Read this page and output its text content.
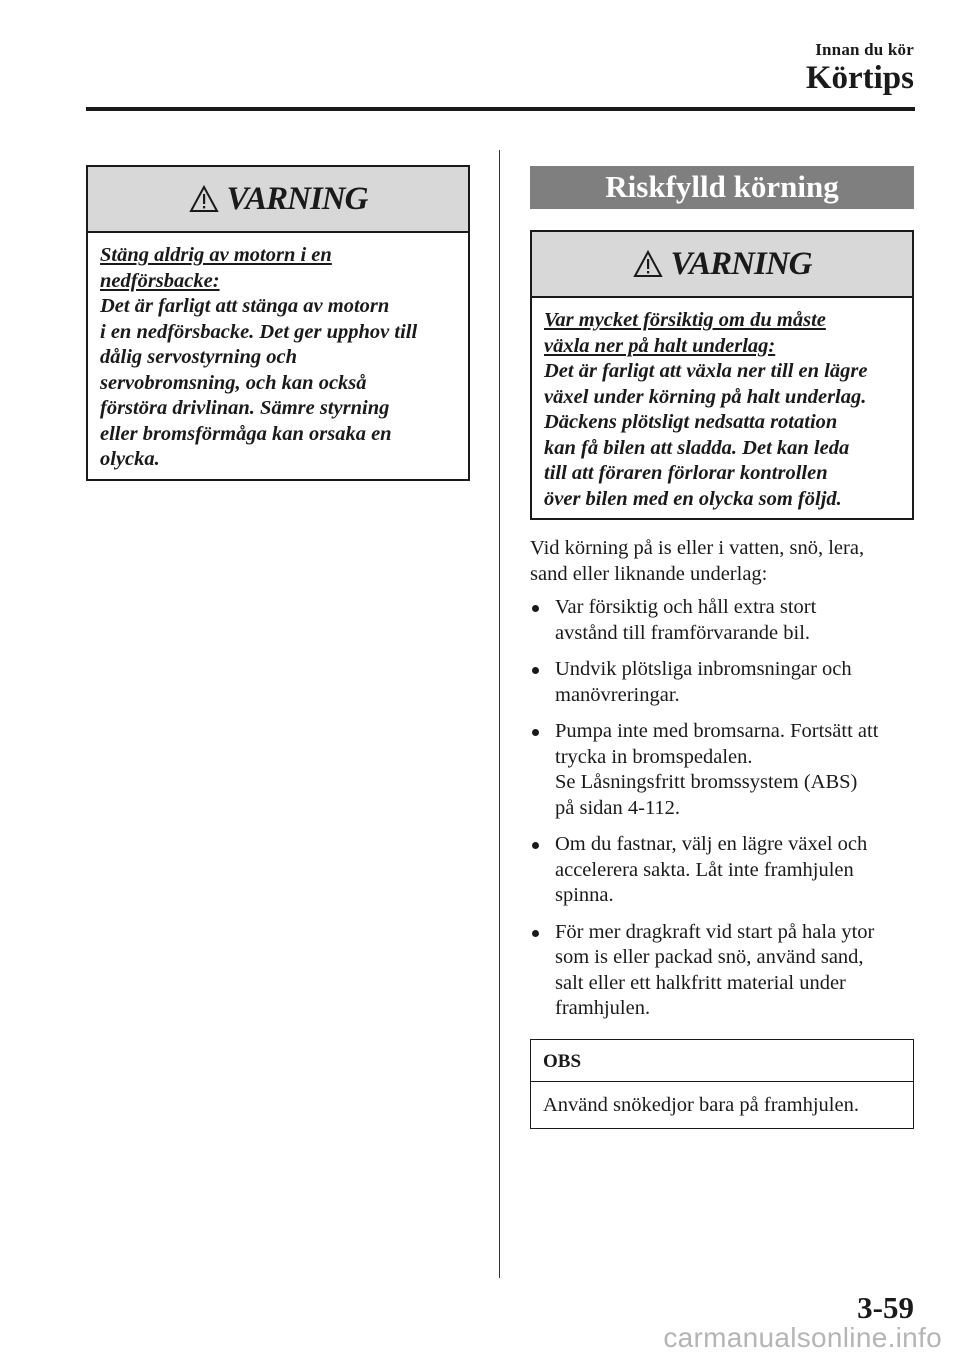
Innan du kör
Körtips
VARNING
Stäng aldrig av motorn i en
nedförsbacke:
Det är farligt att stänga av motorn
i en nedförsbacke. Det ger upphov till
dålig servostyrning och
servobromsning, och kan också
förstöra drivlinan. Sämre styrning
eller bromsförmåga kan orsaka en
olycka.
Riskfylld körning
VARNING
Var mycket försiktig om du måste
växla ner på halt underlag:
Det är farligt att växla ner till en lägre
växel under körning på halt underlag.
Däckens plötsligt nedsatta rotation
kan få bilen att sladda. Det kan leda
till att föraren förlorar kontrollen
över bilen med en olycka som följd.

Vid körning på is eller i vatten, snö, lera,
sand eller liknande underlag:

Var försiktig och håll extra stort
avstånd till framförvarande bil.
Undvik plötsliga inbromsningar och
manövreringar.
Pumpa inte med bromsarna. Fortsätt att
trycka in bromspedalen.
Se Låsningsfritt bromssystem (ABS)
på sidan 4-112.
Om du fastnar, välj en lägre växel och
accelerera sakta. Låt inte framhjulen
spinna.
För mer dragkraft vid start på hala ytor
som is eller packad snö, använd sand,
salt eller ett halkfritt material under
framhjulen.
OBS
Använd snökedjor bara på framhjulen.
3-59
carmanualsonline.info
